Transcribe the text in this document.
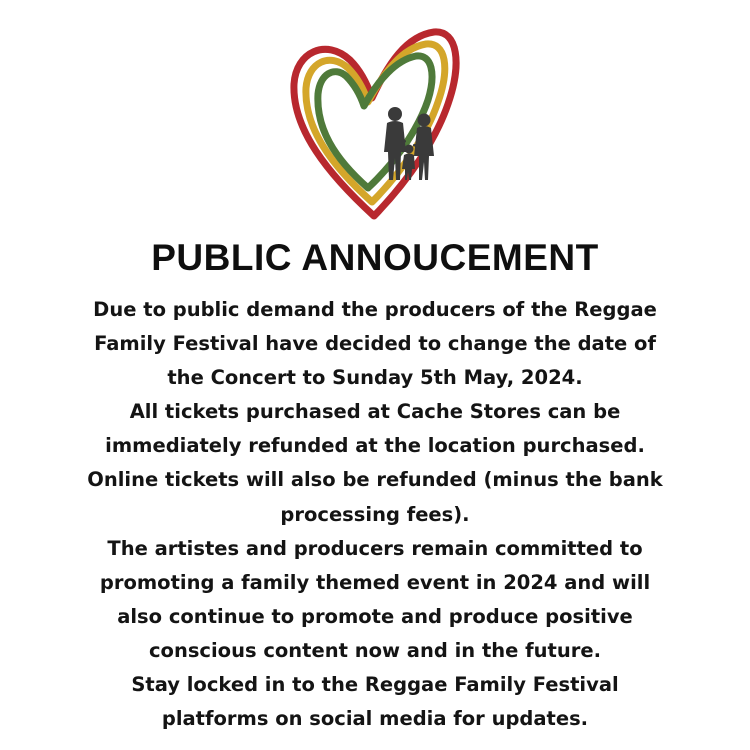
PUBLIC ANNOUCEMENT
Due to public demand the producers of the Reggae
Family Festival have decided to change the date of
the Concert to Sunday 5th May, 2024.
All tickets purchased at Cache Stores can be
immediately refunded at the location purchased.
Online tickets will also be refunded (minus the bank
processing fees).
The artistes and producers remain committed to
promoting a family themed event in 2024 and will
also continue to promote and produce positive
conscious content now and in the future.
Stay locked in to the Reggae Family Festival
platforms on social media for updates.
